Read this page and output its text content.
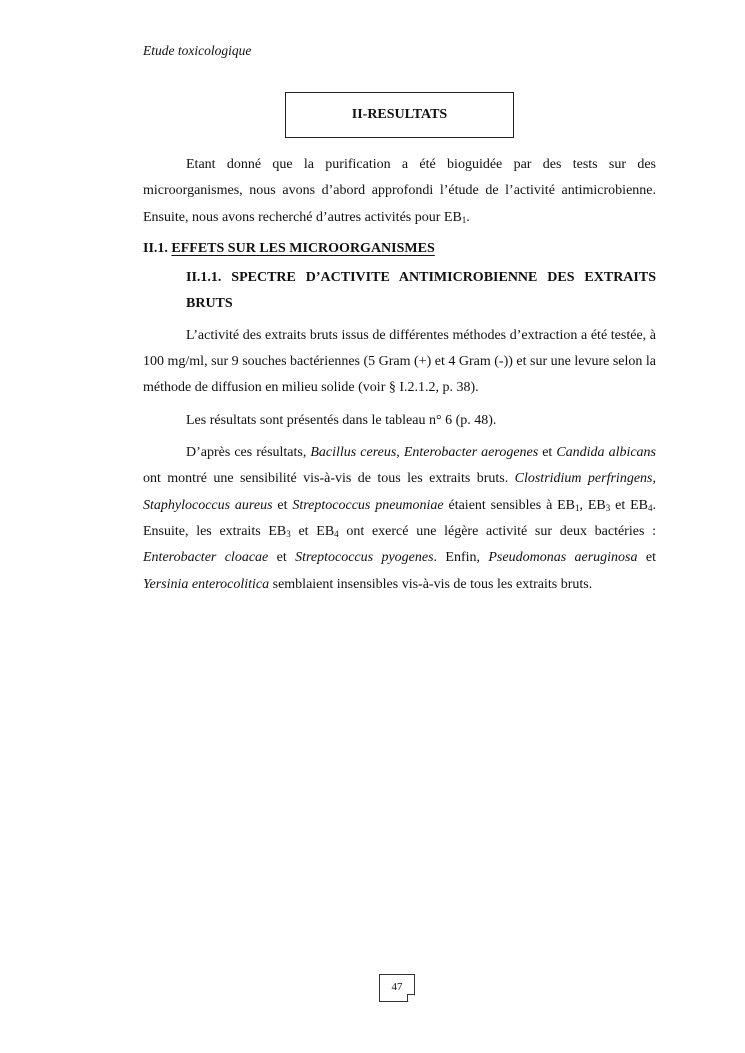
Etude toxicologique
II-RESULTATS

Etant donné que la purification a été bioguidée par des tests sur des microorganismes, nous avons d’abord approfondi l’étude de l’activité antimicrobienne. Ensuite, nous avons recherché d’autres activités pour $EB_1$.

II.1. EFFETS SUR LES MICROORGANISMES
II.1.1. SPECTRE D’ACTIVITE ANTIMICROBIENNE DES EXTRAITS BRUTS

L’activité des extraits bruts issus de différentes méthodes d’extraction a été testée, à 100 mg/ml, sur 9 souches bactériennes (5 Gram (+) et 4 Gram (-)) et sur une levure selon la méthode de diffusion en milieu solide (voir § I.2.1.2, p. 38).

Les résultats sont présentés dans le tableau n° 6 (p. 48).

D’après ces résultats, Bacillus cereus, Enterobacter aerogenes et Candida albicans ont montré une sensibilité vis-à-vis de tous les extraits bruts. Clostridium perfringens, Staphylococcus aureus et Streptococcus pneumoniae étaient sensibles à $EB_1$, $EB_3$ et $EB_4$. Ensuite, les extraits $EB_3$ et $EB_4$ ont exercé une légère activité sur deux bactéries : Enterobacter cloacae et Streptococcus pyogenes. Enfin, Pseudomonas aeruginosa et Yersinia enterocolitica semblaient insensibles vis-à-vis de tous les extraits bruts.

47
